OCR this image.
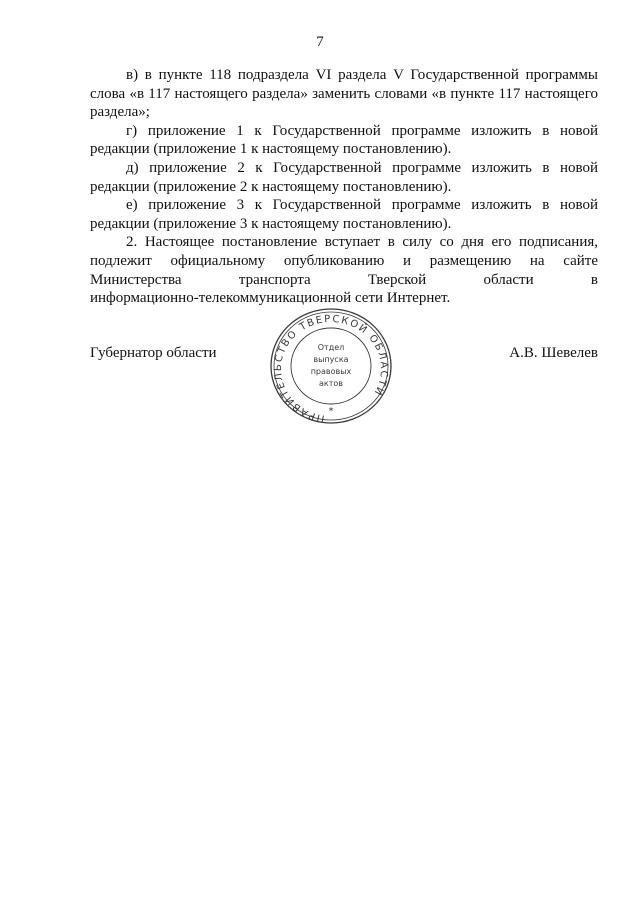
7

в) в пункте 118 подраздела VI раздела V Государственной программы слова «в 117 настоящего раздела» заменить словами «в пункте 117 настоящего раздела»;

г) приложение 1 к Государственной программе изложить в новой редакции (приложение 1 к настоящему постановлению).

д) приложение 2 к Государственной программе изложить в новой редакции (приложение 2 к настоящему постановлению).

е) приложение 3 к Государственной программе изложить в новой редакции (приложение 3 к настоящему постановлению).

2. Настоящее постановление вступает в силу со дня его подписания, подлежит официальному опубликованию и размещению на сайте Министерства транспорта Тверской области в

информационно-телекоммуникационной сети Интернет.

Губернатор области	А.В. Шевелев
ПРАВИТЕЛЬСТВО ТВЕРСКОЙ ОБЛАСТИ
Отдел
выпуска
правовых
актов
*
